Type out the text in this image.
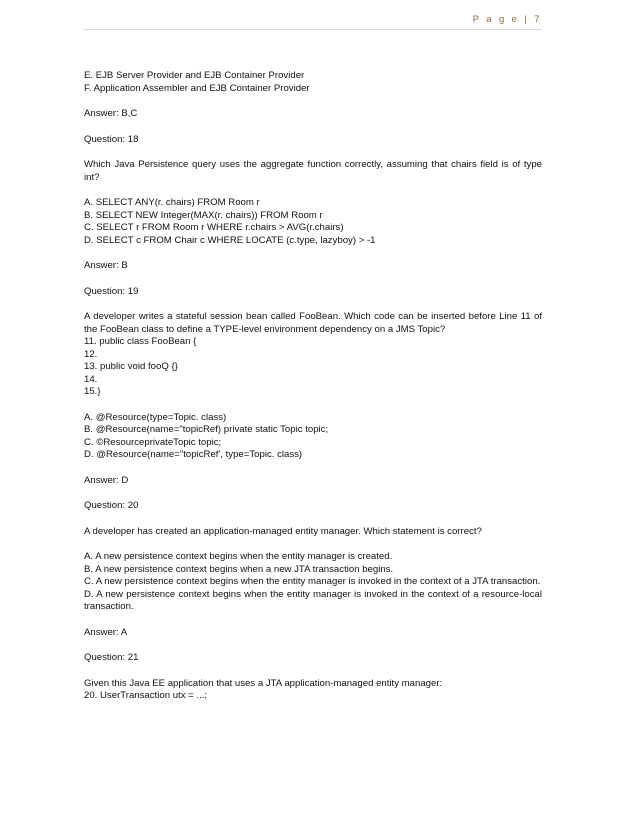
P a g e | 7

E. EJB Server Provider and EJB Container Provider
F. Application Assembler and EJB Container Provider

Answer: B,C

Question: 18

Which Java Persistence query uses the aggregate function correctly, assuming that chairs field is of type int?

A. SELECT ANY(r. chairs) FROM Room r
B. SELECT NEW Integer(MAX(r. chairs)) FROM Room r
C. SELECT r FROM Room r WHERE r.chairs > AVG(r.chairs)
D. SELECT c FROM Chair c WHERE LOCATE (c.type, lazyboy) > -1

Answer: B

Question: 19

A developer writes a stateful session bean called FooBean. Which code can be inserted before Line 11 of the FooBean class to define a TYPE-level environment dependency on a JMS Topic?
11. public class FooBean {
12.
13. public void fooQ {}
14.
15.}

A. @Resource(type=Topic. class)
B. @Resource(name="topicRef) private static Topic topic;
C. ©ResourceprivateTopic topic;
D. @Resource(name="topicRef', type=Topic. class)

Answer: D

Question: 20

A developer has created an application-managed entity manager. Which statement is correct?

A. A new persistence context begins when the entity manager is created.
B. A new persistence context begins when a new JTA transaction begins.
C. A new persistence context begins when the entity manager is invoked in the context of a JTA transaction.
D. A new persistence context begins when the entity manager is invoked in the context of a resource-local transaction.

Answer: A

Question: 21

Given this Java EE application that uses a JTA application-managed entity manager:
20. UserTransaction utx = ...;
